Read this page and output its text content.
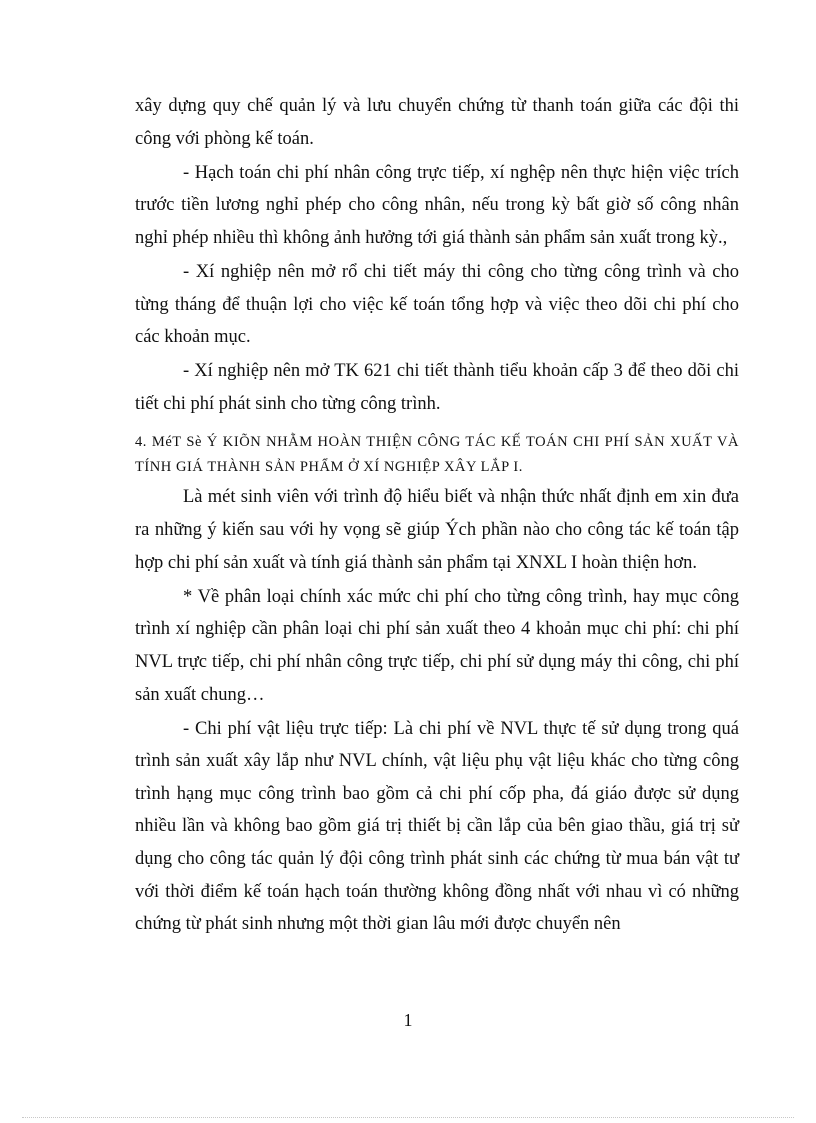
xây dựng quy chế quản lý và lưu chuyển chứng từ thanh toán giữa các đội thi công với phòng kế toán.

- Hạch toán chi phí nhân công trực tiếp, xí nghệp nên thực hiện việc trích trước tiền lương nghỉ phép cho công nhân, nếu trong kỳ bất giờ số công nhân nghỉ phép nhiều thì không ảnh hưởng tới giá thành sản phẩm sản xuất trong kỳ.,

- Xí nghiệp nên mở rổ chi tiết máy thi công cho từng công trình và cho từng tháng để thuận lợi cho việc kế toán tổng hợp và việc theo dõi chi phí cho các khoản mục.

- Xí nghiệp nên mở TK 621 chi tiết thành tiểu khoản cấp 3 để theo dõi chi tiết chi phí phát sinh cho từng công trình.

4. MéT Sè Ý KIÕN NHẰM HOÀN THIỆN CÔNG TÁC KẾ TOÁN CHI PHÍ SẢN XUẤT VÀ TÍNH GIÁ THÀNH SẢN PHẨM Ở XÍ NGHIỆP XÂY LẮP I.

Là mét sinh viên với trình độ hiểu biết và nhận thức nhất định em xin đưa ra những ý kiến sau với hy vọng sẽ giúp Ých phần nào cho công tác kế toán tập hợp chi phí sản xuất và tính giá thành sản phẩm tại XNXL I hoàn thiện hơn.

* Về phân loại chính xác mức chi phí cho từng công trình, hay mục công trình xí nghiệp cần phân loại chi phí sản xuất theo 4 khoản mục chi phí: chi phí NVL trực tiếp, chi phí nhân công trực tiếp, chi phí sử dụng máy thi công, chi phí sản xuất chung…

- Chi phí vật liệu trực tiếp: Là chi phí về NVL thực tế sử dụng trong quá trình sản xuất xây lắp như NVL chính, vật liệu phụ vật liệu khác cho từng công trình hạng mục công trình bao gồm cả chi phí cốp pha, đá giáo được sử dụng nhiều lần và không bao gồm giá trị thiết bị cần lắp của bên giao thầu, giá trị sử dụng cho công tác quản lý đội công trình phát sinh các chứng từ mua bán vật tư với thời điểm kế toán hạch toán thường không đồng nhất với nhau vì có những chứng từ phát sinh nhưng một thời gian lâu mới được chuyển nên

1
